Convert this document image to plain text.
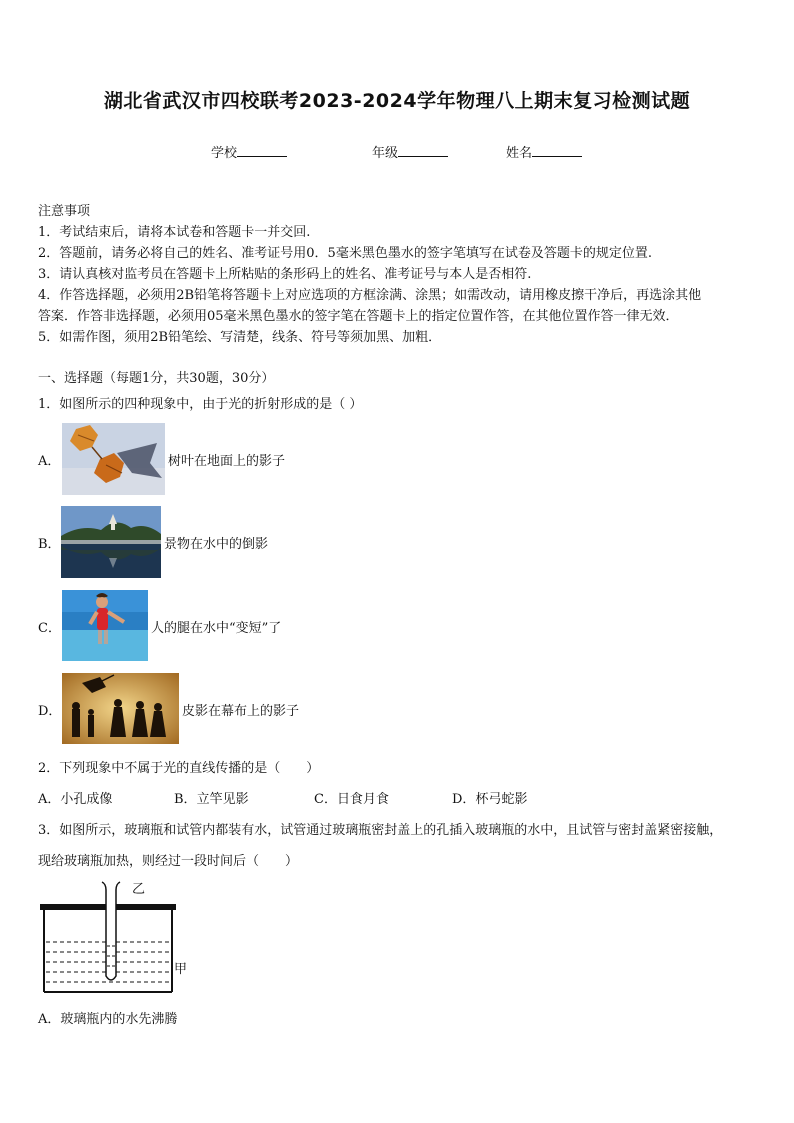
湖北省武汉市四校联考2023-2024学年物理八上期末复习检测试题
学校	年级	姓名
注意事项
1．考试结束后，请将本试卷和答题卡一并交回.
2．答题前，请务必将自己的姓名、准考证号用0．5毫米黑色墨水的签字笔填写在试卷及答题卡的规定位置.
3．请认真核对监考员在答题卡上所粘贴的条形码上的姓名、准考证号与本人是否相符.
4．作答选择题，必须用2B铅笔将答题卡上对应选项的方框涂满、涂黑；如需改动，请用橡皮擦干净后，再选涂其他
答案．作答非选择题，必须用05毫米黑色墨水的签字笔在答题卡上的指定位置作答，在其他位置作答一律无效．
5．如需作图，须用2B铅笔绘、写清楚，线条、符号等须加黑、加粗．
一、选择题（每题1分，共30题，30分）
1．如图所示的四种现象中，由于光的折射形成的是（ ）
A．	树叶在地面上的影子
B．	景物在水中的倒影
C．	人的腿在水中“变短”了
D．	皮影在幕布上的影子
2．下列现象中不属于光的直线传播的是（　　）
A．小孔成像	B．立竿见影	C．日食月食	D．杯弓蛇影
3．如图所示，玻璃瓶和试管内都装有水，试管通过玻璃瓶密封盖上的孔插入玻璃瓶的水中，且试管与密封盖紧密接触，
现给玻璃瓶加热，则经过一段时间后（　　）
乙
甲
A．玻璃瓶内的水先沸腾
